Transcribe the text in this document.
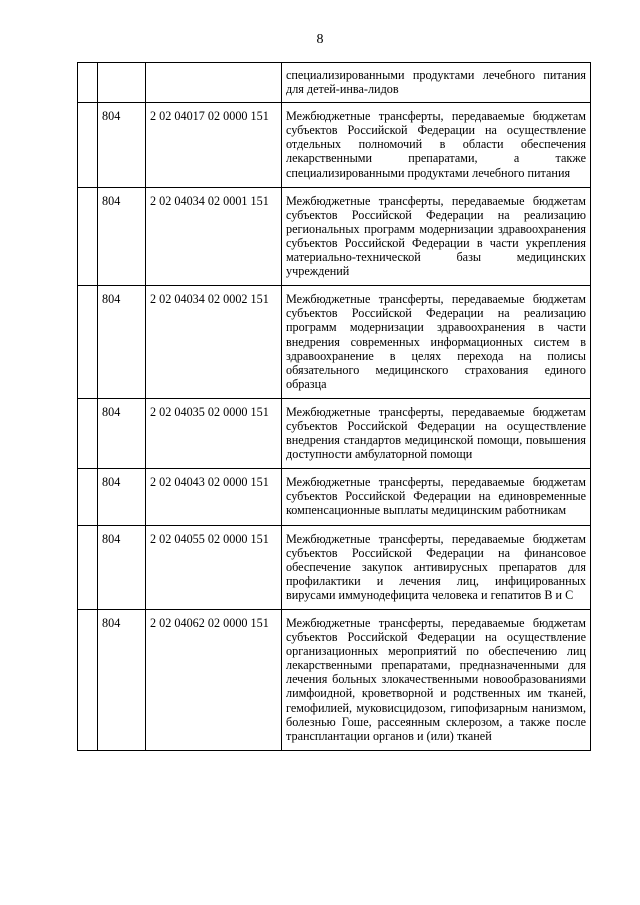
8
			специализированными продуктами лечебного питания для детей-инва-лидов
	804	2 02 04017 02 0000 151	Межбюджетные трансферты, передаваемые бюджетам субъектов Российской Федерации на осуществление отдельных полномочий в области обеспечения лекарственными препаратами, а также специализированными продуктами лечебного питания
	804	2 02 04034 02 0001 151	Межбюджетные трансферты, передаваемые бюджетам субъектов Российской Федерации на реализацию региональных программ модернизации здравоохранения субъектов Российской Федерации в части укрепления материально-технической базы медицинских учреждений
	804	2 02 04034 02 0002 151	Межбюджетные трансферты, передаваемые бюджетам субъектов Российской Федерации на реализацию программ модернизации здравоохранения в части внедрения современных информационных систем в здравоохранение в целях перехода на полисы обязательного медицинского страхования единого образца
	804	2 02 04035 02 0000 151	Межбюджетные трансферты, передаваемые бюджетам субъектов Российской Федерации на осуществление внедрения стандартов медицинской помощи, повышения доступности амбулаторной помощи
	804	2 02 04043 02 0000 151	Межбюджетные трансферты, передаваемые бюджетам субъектов Российской Федерации на единовременные компенсационные выплаты медицинским работникам
	804	2 02 04055 02 0000 151	Межбюджетные трансферты, передаваемые бюджетам субъектов Российской Федерации на финансовое обеспечение закупок антивирусных препаратов для профилактики и лечения лиц, инфицированных вирусами иммунодефицита человека и гепатитов В и С
	804	2 02 04062 02 0000 151	Межбюджетные трансферты, передаваемые бюджетам субъектов Российской Федерации на осуществление организационных мероприятий по обеспечению лиц лекарственными препаратами, предназначенными для лечения больных злокачественными новообразованиями лимфоидной, кроветворной и родственных им тканей, гемофилией, муковисцидозом, гипофизарным нанизмом, болезнью Гоше, рассеянным склерозом, а также после трансплантации органов и (или) тканей
